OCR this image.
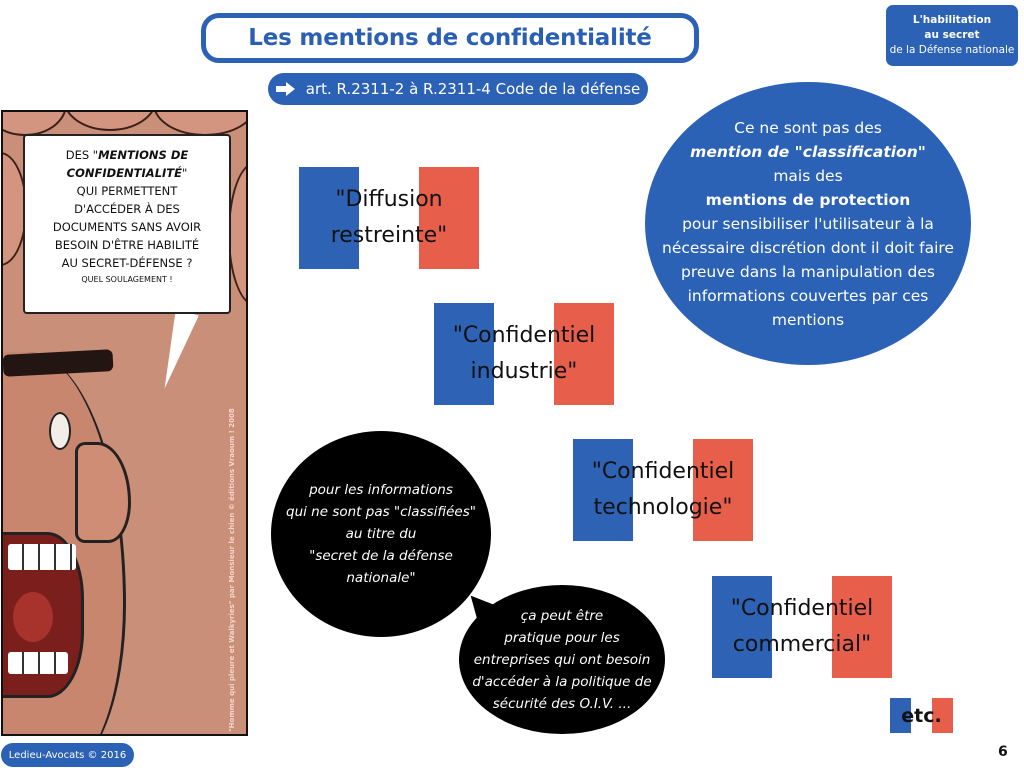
Les mentions de confidentialité
art. R.2311-2 à R.2311-4 Code de la défense
L'habilitation
au secret
de la Défense nationale
DES "MENTIONS DE
CONFIDENTIALITÉ"
QUI PERMETTENT
D'ACCÉDER À DES
DOCUMENTS SANS AVOIR
BESOIN D'ÊTRE HABILITÉ
AU SECRET-DÉFENSE ?
QUEL SOULAGEMENT !
"Homme qui pleure et Walkyries" par Monsieur le chien © éditions Vraoum ! 2008
"Diffusion
restreinte"
"Confidentiel
industrie"
"Confidentiel
technologie"
"Confidentiel
commercial"
etc.
Ce ne sont pas des
mention de "classification"
mais des
mentions de protection
pour sensibiliser l'utilisateur à la
nécessaire discrétion dont il doit faire
preuve dans la manipulation des
informations couvertes par ces
mentions
pour les informations
qui ne sont pas "classifiées"
au titre du
"secret de la défense
nationale"
ça peut être
pratique pour les
entreprises qui ont besoin
d'accéder à la politique de
sécurité des O.I.V. ...
Ledieu-Avocats © 2016	6
